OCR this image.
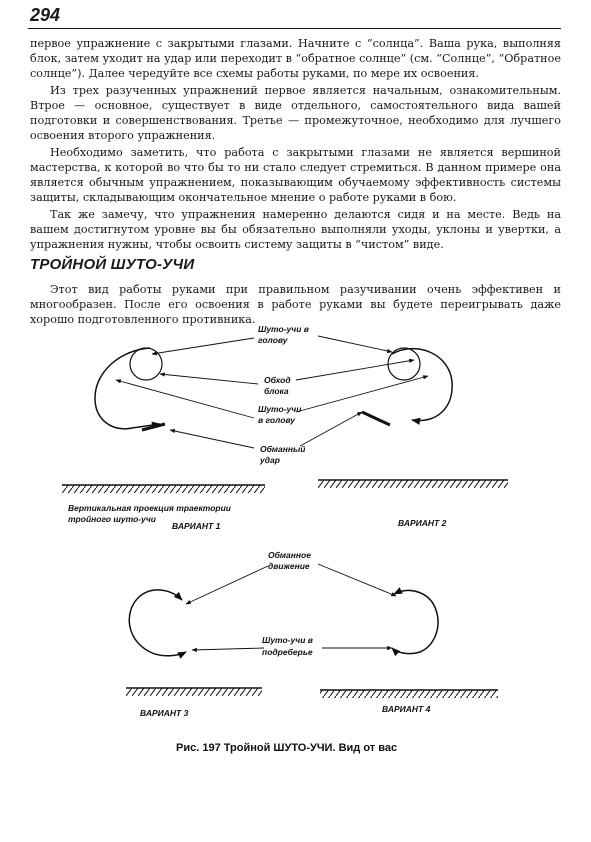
294

первое упражнение с закрытыми глазами. Начните с “солнца”. Ваша рука, выполняя блок, затем уходит на удар или переходит в “обратное солнце” (см. “Солнце”, “Обратное солнце”). Далее чередуйте все схемы работы руками, по мере их освоения.

Из трех разученных упражнений первое является начальным, ознакомительным. Втрое — основное, существует в виде отдельного, самостоятельного вида вашей подготовки и совершенствования. Третье — промежуточное, необходимо для лучшего освоения второго упражнения.

Необходимо заметить, что работа с закрытыми глазами не является вершиной мастерства, к которой во что бы то ни стало следует стремиться. В данном примере она является обычным упражнением, показывающим обучаемому эффективность системы защиты, складывающим окончательное мнение о работе руками в бою.

Так же замечу, что упражнения намеренно делаются сидя и на месте. Ведь на вашем достигнутом уровне вы бы обязательно выполняли уходы, уклоны и увертки, а упражнения нужны, чтобы освоить систему защиты в “чистом” виде.

ТРОЙНОЙ ШУТО-УЧИ

Этот вид работы руками при правильном разучивании очень эффективен и многообразен. После его освоения в работе руками вы будете переигрывать даже хорошо подготовленного противника.

Шуто-учи в
голову
Обход
блока
Шуто-учи
в голову
Обманный
удар
Вертикальная проекция траектории
тройного шуто-учи
ВАРИАНТ 1	ВАРИАНТ 2
Обманное
движение
Шуто-учи в
подреберье
ВАРИАНТ 3	ВАРИАНТ 4
Рис. 197 Тройной ШУТО-УЧИ. Вид от вас
